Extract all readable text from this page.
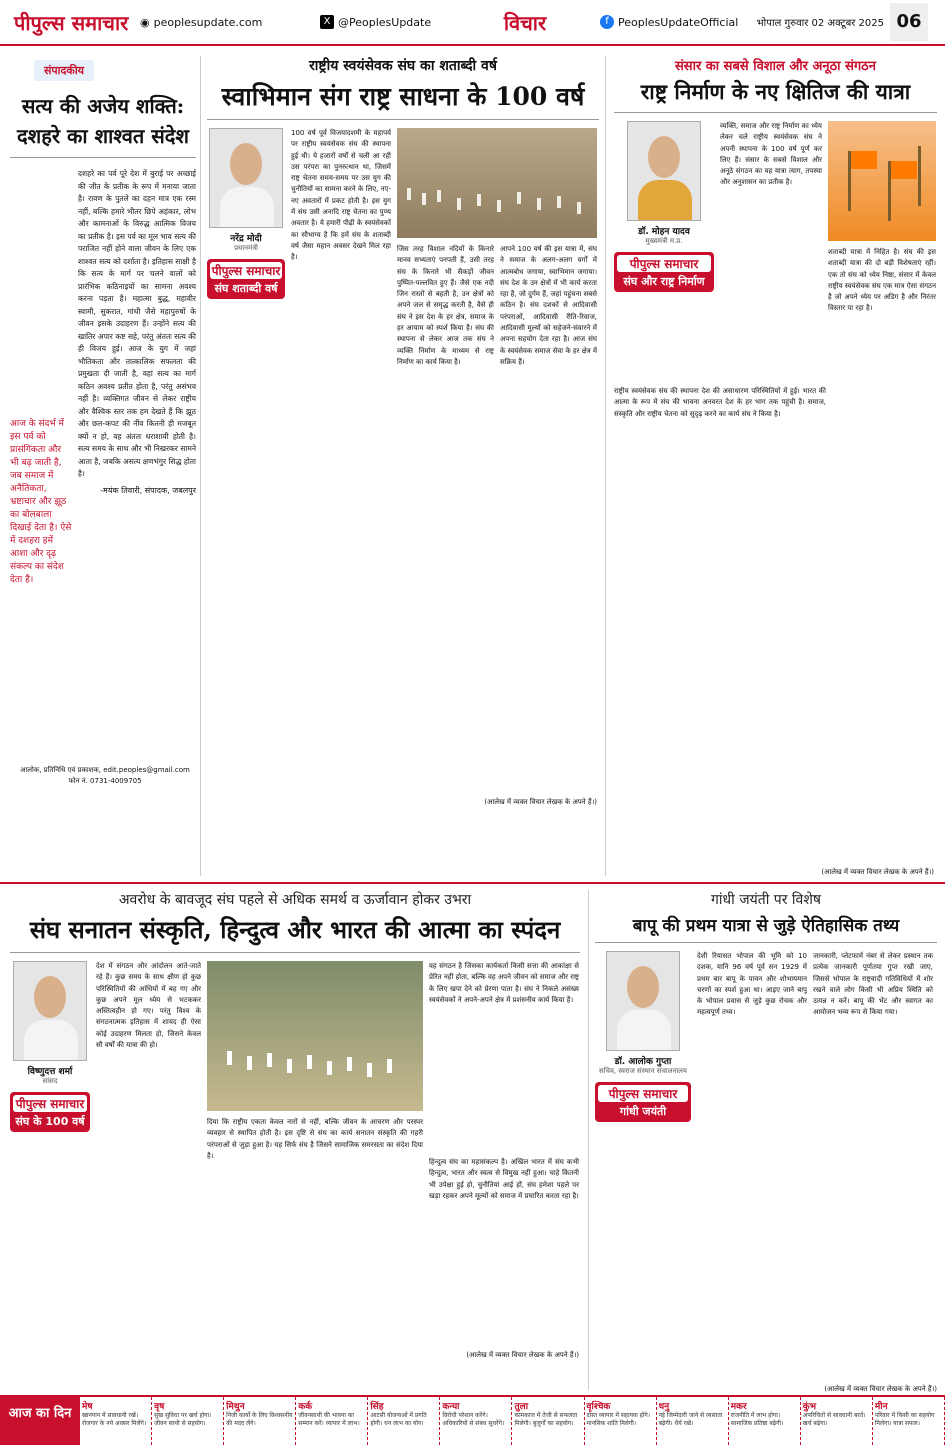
पीपुल्स समाचार	◉ peoplesupdate.com	X @PeoplesUpdate	विचार	f PeoplesUpdateOfficial	भोपाल गुरुवार 02 अक्टूबर 2025 06
संपादकीय
सत्य की अजेय शक्ति: दशहरे का शाश्वत संदेश
आज के संदर्भ में इस पर्व को प्रासंगिकता और भी बढ़ जाती है, जब समाज में अनैतिकता, भ्रष्टाचार और झूठ का बोलबाला दिखाई देता है। ऐसे में दशहरा हमें आशा और दृढ़ संकल्प का संदेश देता है।
दशहरे का पर्व पूरे देश में बुराई पर अच्छाई की जीत के प्रतीक के रूप में मनाया जाता है। रावण के पुतले का दहन मात्र एक रस्म नहीं, बल्कि हमारे भीतर छिपे अहंकार, लोभ और कामनाओं के विरुद्ध आत्मिक विजय का प्रतीक है। इस पर्व का मूल भाव सत्य की पराजित नहीं होने वाला जीवन के लिए एक शाश्वत सत्य को दर्शाता है। इतिहास साक्षी है कि सत्य के मार्ग पर चलने वालों को प्रारंभिक कठिनाइयों का सामना अवश्य करना पड़ता है। महात्मा बुद्ध, महावीर स्वामी, सुकरात, गांधी जैसे महापुरुषों के जीवन इसके उदाहरण हैं। उन्होंने सत्य की खातिर अपार कष्ट सहे, परंतु अंततः सत्य की ही विजय हुई। आज के युग में जहां भौतिकता और तात्कालिक सफलता की प्रमुखता दी जाती है, वहां सत्य का मार्ग कठिन अवश्य प्रतीत होता है, परंतु असंभव नहीं है। व्यक्तिगत जीवन से लेकर राष्ट्रीय और वैश्विक स्तर तक हम देखते हैं कि झूठ और छल-कपट की नींव कितनी ही मजबूत क्यों न हो, वह अंततः धराशायी होती है। सत्य समय के साथ और भी निखरकर सामने आता है, जबकि असत्य क्षणभंगुर सिद्ध होता है।
-मयंक तिवारी, संपादक, जबलपुर
आलोक, प्रतिनिधि एवं प्रकाशक, edit.peoples@gmail.com फोन नं. 0731-4009705
राष्ट्रीय स्वयंसेवक संघ का शताब्दी वर्ष
स्वाभिमान संग राष्ट्र साधना के 100 वर्ष
नरेंद्र मोदी
प्रधानमंत्री
पीपुल्स समाचार
संघ शताब्दी वर्ष
100 वर्ष पूर्व विजयादशमी के महापर्व पर राष्ट्रीय स्वयंसेवक संघ की स्थापना हुई थी। ये हजारों वर्षों से चली आ रही उस परंपरा का पुनरुत्थान था, जिसमें राष्ट्र चेतना समय-समय पर उस युग की चुनौतियों का सामना करने के लिए, नए-नए अवतारों में प्रकट होती है। इस युग में संघ उसी अनादि राष्ट्र चेतना का पुण्य अवतार है। ये हमारी पीढ़ी के स्वयंसेवकों का सौभाग्य है कि हमें संघ के शताब्दी वर्ष जैसा महान अवसर देखने मिल रहा है।
जिस तरह विशाल नदियों के किनारे मानव सभ्यताएं पनपती हैं, उसी तरह संघ के किनारे भी सैकड़ों जीवन पुष्पित-पल्लवित हुए हैं। जैसे एक नदी जिन रास्तों से बहती है, उन क्षेत्रों को अपने जल से समृद्ध करती है, वैसे ही संघ ने इस देश के हर क्षेत्र, समाज के हर आयाम को स्पर्श किया है। संघ की स्थापना से लेकर आज तक संघ ने व्यक्ति निर्माण के माध्यम से राष्ट्र निर्माण का कार्य किया है।
आपने 100 वर्ष की इस यात्रा में, संघ ने समाज के अलग-अलग वर्गों में आत्मबोध जगाया, स्वाभिमान जगाया। संघ देश के उन क्षेत्रों में भी कार्य करता रहा है, जो दुर्गम हैं, जहां पहुंचना सबसे कठिन है। संघ दशकों से आदिवासी परंपराओं, आदिवासी रीति-रिवाज, आदिवासी मूल्यों को सहेजने-संवारने में अपना सहयोग देता रहा है। आज संघ के स्वयंसेवक समाज सेवा के हर क्षेत्र में सक्रिय हैं।
(आलेख में व्यक्त विचार लेखक के अपने हैं।)
संसार का सबसे विशाल और अनूठा संगठन
राष्ट्र निर्माण के नए क्षितिज की यात्रा
डॉ. मोहन यादव
मुख्यमंत्री म.प्र.
पीपुल्स समाचार
संघ और राष्ट्र निर्माण
व्यक्ति, समाज और राष्ट्र निर्माण का ध्येय लेकर चले राष्ट्रीय स्वयंसेवक संघ ने अपनी स्थापना के 100 वर्ष पूर्ण कर लिए हैं। संसार के सबसे विशाल और अनूठे संगठन का यह यात्रा त्याग, तपस्या और अनुशासन का प्रतीक है।
शताब्दी यात्रा में निहित है। संघ की इस शताब्दी यात्रा की दो बड़ी विशेषताएं रहीं। एक तो संघ को ध्येय निष्ठा, संसार में केवल राष्ट्रीय स्वयंसेवक संघ एक मात्र ऐसा संगठन है जो अपने ध्येय पर अडिग है और निरंतर विस्तार पा रहा है।
राष्ट्रीय स्वयंसेवक संघ की स्थापना देश की असाधारण परिस्थितियों में हुई। भारत की आत्मा के रूप में संघ की भावना अनवरत देश के हर भाग तक पहुंची है। समाज, संस्कृति और राष्ट्रीय चेतना को सुदृढ़ करने का कार्य संघ ने किया है।
(आलेख में व्यक्त विचार लेखक के अपने हैं।)
अवरोध के बावजूद संघ पहले से अधिक समर्थ व ऊर्जावान होकर उभरा
संघ सनातन संस्कृति, हिन्दुत्व और भारत की आत्मा का स्पंदन
विष्णुदत्त शर्मा
सांसद
पीपुल्स समाचार
संघ के 100 वर्ष
देश में संगठन और आंदोलन आते-जाते रहे हैं। कुछ समय के साथ क्षीण हो कुछ परिस्थितियों की आंधियों में बह गए और कुछ अपने मूल ध्येय से भटककर अस्तित्वहीन हो गए। परंतु विश्व के संगठनात्मक इतिहास में शायद ही ऐसा कोई उदाहरण मिलता हो, जिसने केवल सौ वर्षों की यात्रा की हो।
दिया कि राष्ट्रीय एकता केवल नारों से नहीं, बल्कि जीवन के आचरण और परस्पर व्यवहार से स्थापित होती है। इस दृष्टि से संघ का कार्य सनातन संस्कृति की गहरी परंपराओं से जुड़ा हुआ है। यह सिर्फ संघ है जिसने सामाजिक समरसता का संदेश दिया है।
वह संगठन है जिसका कार्यकर्ता किसी सत्ता की आकांक्षा से प्रेरित नहीं होता, बल्कि वह अपने जीवन को समाज और राष्ट्र के लिए खपा देने को प्रेरणा पाता है। संघ ने निकले असंख्य स्वयंसेवकों ने अपने-अपने क्षेत्र में प्रशंसनीय कार्य किया है।
हिन्दुत्व संघ का महासंकल्प है। अखिल भारत में संघ कभी हिन्दुत्व, भारत और स्वत्व से विमुख नहीं हुआ। चाहे कितनी भी उपेक्षा हुई हो, चुनौतियां आई हों, संघ हमेशा पहले पर खड़ा रहकर अपने मूल्यों को समाज में प्रचारित करता रहा है।
(आलेख में व्यक्त विचार लेखक के अपने हैं।)
गांधी जयंती पर विशेष
बापू की प्रथम यात्रा से जुड़े ऐतिहासिक तथ्य
डॉ. आलोक गुप्ता
सचिव, स्वराज संस्थान संचालनालय
पीपुल्स समाचार
गांधी जयंती
देशी रियासत भोपाल की भूमि को 10 दशक, यानि 96 वर्ष पूर्व सन 1929 में प्रथम बार बापू के पावन और शोभायमान चरणों का स्पर्श हुआ था। आइए जाने बापू के भोपाल प्रवास से जुड़े कुछ रोचक और महत्वपूर्ण तथ्य।
जानकारी, प्लेटफार्म नंबर से लेकर प्रस्थान तक प्रत्येक जानकारी पूर्णतया गुप्त रखी जाए, जिससे भोपाल के राष्ट्रवादी गतिविधियों में शोर रखने वाले लोग किसी भी अप्रिय स्थिति को उत्पन्न न करें। बापू की भेंट और स्वागत का आयोजन भव्य रूप से किया गया।
(आलेख में व्यक्त विचार लेखक के अपने हैं।)
आज का दिन	मेष
खानपान में सावधानी रखें। रोजगार के नये अवसर मिलेंगे।
वृष
सुख सुविधा पर खर्च होगा। जीवन साथी से सहयोग।
मिथुन
निजी कार्यों के लिए विश्वसनीय की मदद लेंगे।
कर्क
जीवनसाथी की भावना का सम्मान करें। व्यापार में लाभ।
सिंह
आटसी योजनाओं में प्रगति होगी। धन लाभ का योग।
कन्या
विरोधी परेशान करेंगे। अधिकारियों से संबंध सुधरेंगे।
तुला
कामकाज में तेजी से सफलता मिलेगी। बुजुर्गों का सहयोग।
वृश्चिक
दोस्त व्यापार में सहायक होंगे। मानसिक शांति मिलेगी।
धनु
नई जिम्मेदारी जाने से व्यस्तता बढ़ेगी। धैर्य रखें।
मकर
राजनीति में लाभ होगा। सामाजिक प्रतिष्ठा बढ़ेगी।
कुंभ
अपरिचितों से सावधानी बरतें। खर्च बढ़ेगा।
मीन
परिवार में किसी का सहयोग मिलेगा। यात्रा सफल।
